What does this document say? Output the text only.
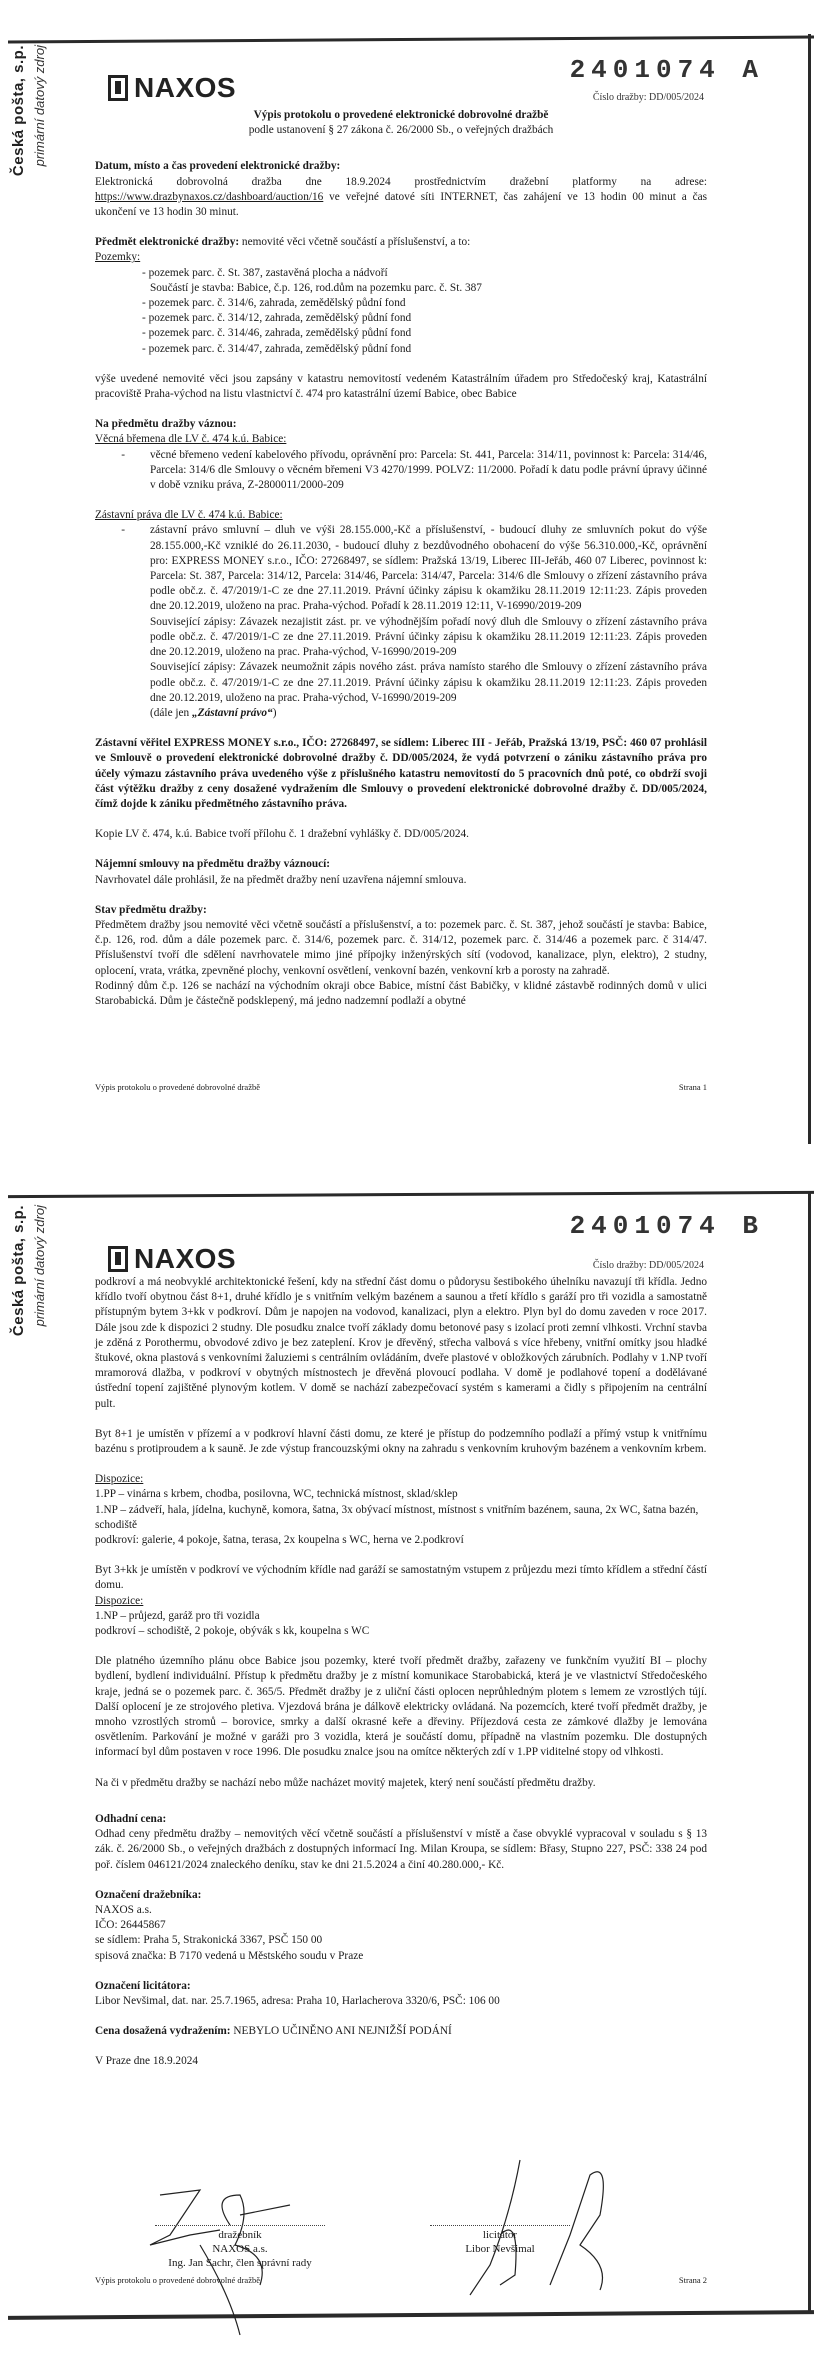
Česká pošta, s.p. primární datový zdroj	NAXOS
2401074 A
Číslo dražby: DD/005/2024

Výpis protokolu o provedené elektronické dobrovolné dražbě

podle ustanovení § 27 zákona č. 26/2000 Sb., o veřejných dražbách

Datum, místo a čas provedení elektronické dražby:

Elektronická dobrovolná dražba dne 18.9.2024 prostřednictvím dražební platformy na adrese: https://www.drazbynaxos.cz/dashboard/auction/16 ve veřejné datové síti INTERNET, čas zahájení ve 13 hodin 00 minut a čas ukončení ve 13 hodin 30 minut.

Předmět elektronické dražby: nemovité věci včetně součástí a příslušenství, a to:

Pozemky:

- pozemek parc. č. St. 387, zastavěná plocha a nádvoří

Součástí je stavba: Babice, č.p. 126, rod.dům na pozemku parc. č. St. 387

- pozemek parc. č. 314/6, zahrada, zemědělský půdní fond

- pozemek parc. č. 314/12, zahrada, zemědělský půdní fond

- pozemek parc. č. 314/46, zahrada, zemědělský půdní fond

- pozemek parc. č. 314/47, zahrada, zemědělský půdní fond

výše uvedené nemovité věci jsou zapsány v katastru nemovitostí vedeném Katastrálním úřadem pro Středočeský kraj, Katastrální pracoviště Praha-východ na listu vlastnictví č. 474 pro katastrální území Babice, obec Babice

Na předmětu dražby váznou:

Věcná břemena dle LV č. 474 k.ú. Babice:

-	věcné břemeno vedení kabelového přívodu, oprávnění pro: Parcela: St. 441, Parcela: 314/11, povinnost k: Parcela: 314/46, Parcela: 314/6 dle Smlouvy o věcném břemeni V3 4270/1999. POLVZ: 11/2000. Pořadí k datu podle právní úpravy účinné v době vzniku práva, Z-2800011/2000-209

Zástavní práva dle LV č. 474 k.ú. Babice:

-	zástavní právo smluvní – dluh ve výši 28.155.000,-Kč a příslušenství, - budoucí dluhy ze smluvních pokut do výše 28.155.000,-Kč vzniklé do 26.11.2030, - budoucí dluhy z bezdůvodného obohacení do výše 56.310.000,-Kč, oprávnění pro: EXPRESS MONEY s.r.o., IČO: 27268497, se sídlem: Pražská 13/19, Liberec III-Jeřáb, 460 07 Liberec, povinnost k: Parcela: St. 387, Parcela: 314/12, Parcela: 314/46, Parcela: 314/47, Parcela: 314/6 dle Smlouvy o zřízení zástavního práva podle obč.z. č. 47/2019/1-C ze dne 27.11.2019. Právní účinky zápisu k okamžiku 28.11.2019 12:11:23. Zápis proveden dne 20.12.2019, uloženo na prac. Praha-východ. Pořadí k 28.11.2019 12:11, V-16990/2019-209
Související zápisy: Závazek nezajistit zást. pr. ve výhodnějším pořadí nový dluh dle Smlouvy o zřízení zástavního práva podle obč.z. č. 47/2019/1-C ze dne 27.11.2019. Právní účinky zápisu k okamžiku 28.11.2019 12:11:23. Zápis proveden dne 20.12.2019, uloženo na prac. Praha-východ, V-16990/2019-209
Související zápisy: Závazek neumožnit zápis nového zást. práva namísto starého dle Smlouvy o zřízení zástavního práva podle obč.z. č. 47/2019/1-C ze dne 27.11.2019. Právní účinky zápisu k okamžiku 28.11.2019 12:11:23. Zápis proveden dne 20.12.2019, uloženo na prac. Praha-východ, V-16990/2019-209
(dále jen „Zástavní právo“)

Zástavní věřitel EXPRESS MONEY s.r.o., IČO: 27268497, se sídlem: Liberec III - Jeřáb, Pražská 13/19, PSČ: 460 07 prohlásil ve Smlouvě o provedení elektronické dobrovolné dražby č. DD/005/2024, že vydá potvrzení o zániku zástavního práva pro účely výmazu zástavního práva uvedeného výše z příslušného katastru nemovitostí do 5 pracovních dnů poté, co obdrží svoji část výtěžku dražby z ceny dosažené vydražením dle Smlouvy o provedení elektronické dobrovolné dražby č. DD/005/2024, čímž dojde k zániku předmětného zástavního práva.

Kopie LV č. 474, k.ú. Babice tvoří přílohu č. 1 dražební vyhlášky č. DD/005/2024.

Nájemní smlouvy na předmětu dražby váznoucí:

Navrhovatel dále prohlásil, že na předmět dražby není uzavřena nájemní smlouva.

Stav předmětu dražby:

Předmětem dražby jsou nemovité věci včetně součástí a příslušenství, a to: pozemek parc. č. St. 387, jehož součástí je stavba: Babice, č.p. 126, rod. dům a dále pozemek parc. č. 314/6, pozemek parc. č. 314/12, pozemek parc. č. 314/46 a pozemek parc. č 314/47. Příslušenství tvoří dle sdělení navrhovatele mimo jiné přípojky inženýrských sítí (vodovod, kanalizace, plyn, elektro), 2 studny, oplocení, vrata, vrátka, zpevněné plochy, venkovní osvětlení, venkovní bazén, venkovní krb a porosty na zahradě.

Rodinný dům č.p. 126 se nachází na východním okraji obce Babice, místní část Babičky, v klidné zástavbě rodinných domů v ulici Starobabická. Dům je částečně podsklepený, má jedno nadzemní podlaží a obytné

Výpis protokolu o provedené dobrovolné dražbě	Strana 1
Česká pošta, s.p. primární datový zdroj	NAXOS
2401074 B
Číslo dražby: DD/005/2024

podkroví a má neobvyklé architektonické řešení, kdy na střední část domu o půdorysu šestibokého úhelníku navazují tři křídla. Jedno křídlo tvoří obytnou část 8+1, druhé křídlo je s vnitřním velkým bazénem a saunou a třetí křídlo s garáží pro tři vozidla a samostatně přístupným bytem 3+kk v podkroví. Dům je napojen na vodovod, kanalizaci, plyn a elektro. Plyn byl do domu zaveden v roce 2017. Dále jsou zde k dispozici 2 studny. Dle posudku znalce tvoří základy domu betonové pasy s izolací proti zemní vlhkosti. Vrchní stavba je zděná z Porothermu, obvodové zdivo je bez zateplení. Krov je dřevěný, střecha valbová s více hřebeny, vnitřní omítky jsou hladké štukové, okna plastová s venkovními žaluziemi s centrálním ovládáním, dveře plastové v obložkových zárubních. Podlahy v 1.NP tvoří mramorová dlažba, v podkroví v obytných místnostech je dřevěná plovoucí podlaha. V domě je podlahové topení a dodělávané ústřední topení zajištěné plynovým kotlem. V domě se nachází zabezpečovací systém s kamerami a čidly s připojením na centrální pult.

Byt 8+1 je umístěn v přízemí a v podkroví hlavní části domu, ze které je přístup do podzemního podlaží a přímý vstup k vnitřnímu bazénu s protiproudem a k sauně. Je zde výstup francouzskými okny na zahradu s venkovním kruhovým bazénem a venkovním krbem.

Dispozice:

1.PP – vinárna s krbem, chodba, posilovna, WC, technická místnost, sklad/sklep

1.NP – zádveří, hala, jídelna, kuchyně, komora, šatna, 3x obývací místnost, místnost s vnitřním bazénem, sauna, 2x WC, šatna bazén, schodiště

podkroví: galerie, 4 pokoje, šatna, terasa, 2x koupelna s WC, herna ve 2.podkroví

Byt 3+kk je umístěn v podkroví ve východním křídle nad garáží se samostatným vstupem z průjezdu mezi tímto křídlem a střední částí domu.

Dispozice:

1.NP – průjezd, garáž pro tři vozidla

podkroví – schodiště, 2 pokoje, obývák s kk, koupelna s WC

Dle platného územního plánu obce Babice jsou pozemky, které tvoří předmět dražby, zařazeny ve funkčním využití BI – plochy bydlení, bydlení individuální. Přístup k předmětu dražby je z místní komunikace Starobabická, která je ve vlastnictví Středočeského kraje, jedná se o pozemek parc. č. 365/5. Předmět dražby je z uliční části oplocen neprůhledným plotem s lemem ze vzrostlých tújí. Další oplocení je ze strojového pletiva. Vjezdová brána je dálkově elektricky ovládaná. Na pozemcích, které tvoří předmět dražby, je mnoho vzrostlých stromů – borovice, smrky a další okrasné keře a dřeviny. Příjezdová cesta ze zámkové dlažby je lemována osvětlením. Parkování je možné v garáži pro 3 vozidla, která je součástí domu, případně na vlastním pozemku. Dle dostupných informací byl dům postaven v roce 1996. Dle posudku znalce jsou na omítce některých zdí v 1.PP viditelné stopy od vlhkosti.

Na či v předmětu dražby se nachází nebo může nacházet movitý majetek, který není součástí předmětu dražby.

Odhadní cena:

Odhad ceny předmětu dražby – nemovitých věcí včetně součástí a příslušenství v místě a čase obvyklé vypracoval v souladu s § 13 zák. č. 26/2000 Sb., o veřejných dražbách z dostupných informací Ing. Milan Kroupa, se sídlem: Břasy, Stupno 227, PSČ: 338 24 pod poř. číslem 046121/2024 znaleckého deníku, stav ke dni 21.5.2024 a činí 40.280.000,- Kč.

Označení dražebníka:

NAXOS a.s.

IČO: 26445867

se sídlem: Praha 5, Strakonická 3367, PSČ 150 00

spisová značka: B 7170 vedená u Městského soudu v Praze

Označení licitátora:

Libor Nevšimal, dat. nar. 25.7.1965, adresa: Praha 10, Harlacherova 3320/6, PSČ: 106 00

Cena dosažená vydražením: NEBYLO UČINĚNO ANI NEJNIŽŠÍ PODÁNÍ

V Praze dne 18.9.2024

dražebník
NAXOS a.s.
Ing. Jan Sachr, člen správní rady
licitátor
Libor Nevšimal
Výpis protokolu o provedené dobrovolné dražbě	Strana 2
